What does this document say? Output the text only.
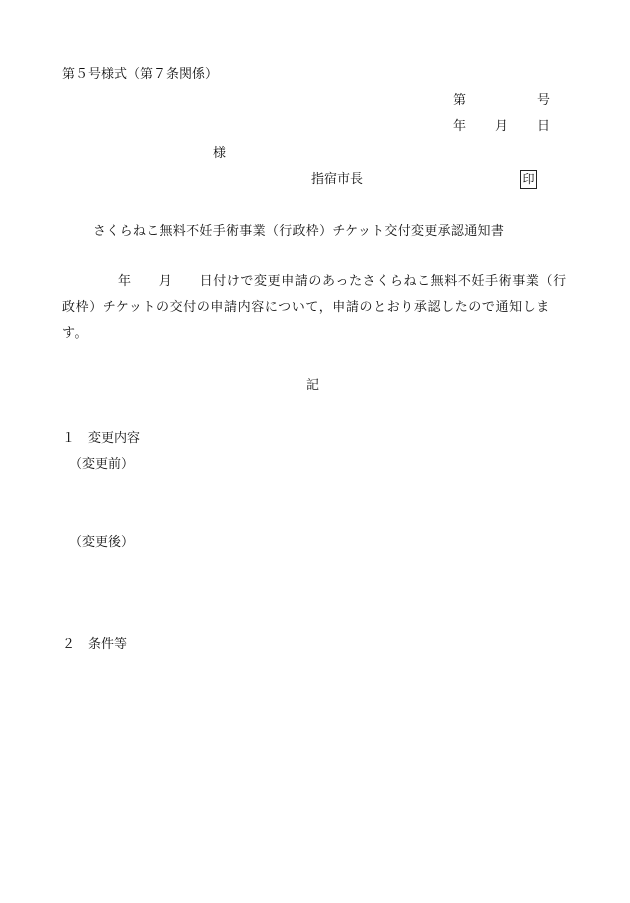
第５号様式（第７条関係）
第	号
年 月 日
様
指宿市長	印
さくらねこ無料不妊手術事業（行政枠）チケット交付変更承認通知書
年　　月　　日付けで変更申請のあったさくらねこ無料不妊手術事業（行政枠）チケットの交付の申請内容について，申請のとおり承認したので通知します。
記
１　変更内容
（変更前）
（変更後）
２　条件等
